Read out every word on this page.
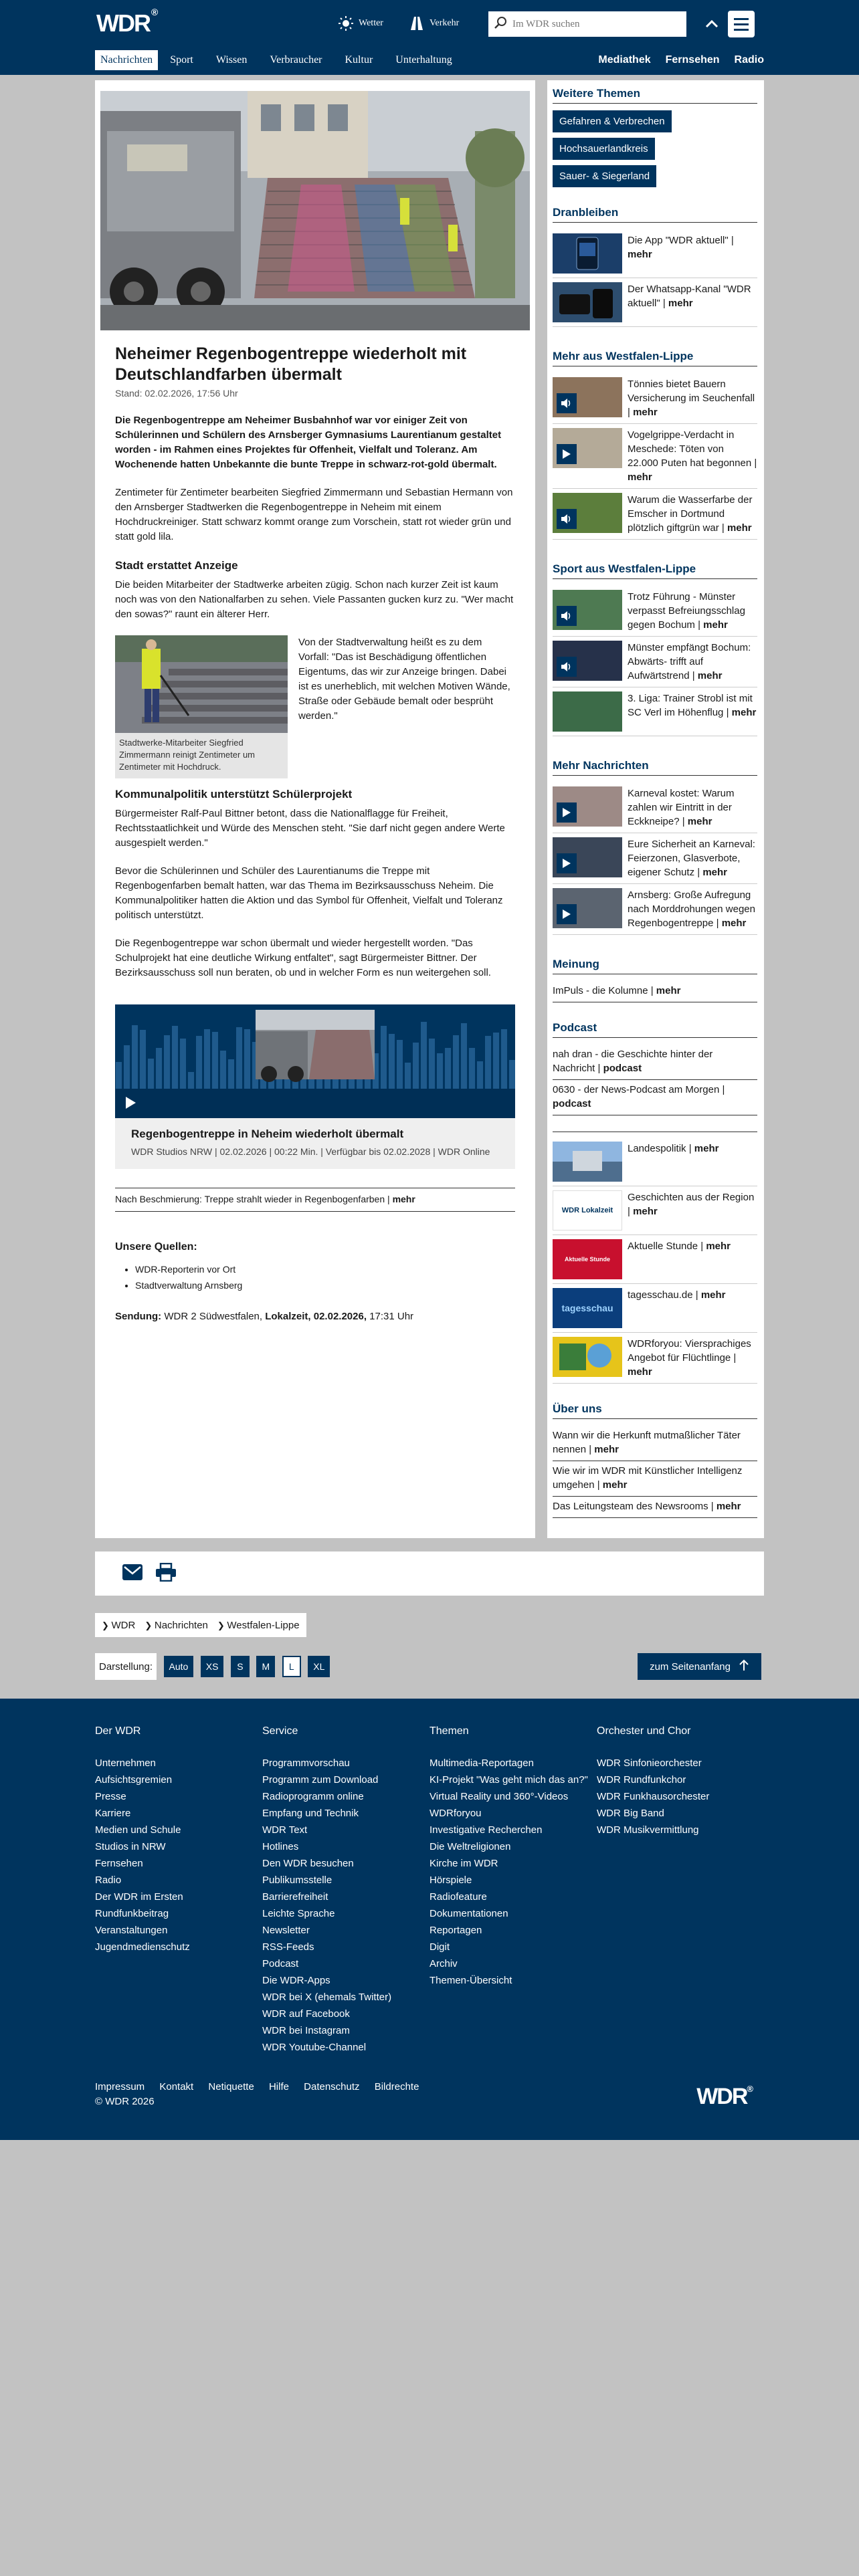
WDR ®
Wetter	Verkehr
Im WDR suchen
Nachrichten	Sport	Wissen	Verbraucher	Kultur	Unterhaltung	Mediathek Fernsehen Radio
Neheimer Regenbogentreppe wiederholt mit Deutschlandfarben übermalt
Stand: 02.02.2026, 17:56 Uhr

Die Regenbogentreppe am Neheimer Busbahnhof war vor einiger Zeit von Schülerinnen und Schülern des Arnsberger Gymnasiums Laurentianum gestaltet worden - im Rahmen eines Projektes für Offenheit, Vielfalt und Toleranz. Am Wochenende hatten Unbekannte die bunte Treppe in schwarz-rot-gold übermalt.

Zentimeter für Zentimeter bearbeiten Siegfried Zimmermann und Sebastian Hermann von den Arnsberger Stadtwerken die Regenbogentreppe in Neheim mit einem Hochdruckreiniger. Statt schwarz kommt orange zum Vorschein, statt rot wieder grün und statt gold lila.

Stadt erstattet Anzeige

Die beiden Mitarbeiter der Stadtwerke arbeiten zügig. Schon nach kurzer Zeit ist kaum noch was von den Nationalfarben zu sehen. Viele Passanten gucken kurz zu. "Wer macht den sowas?" raunt ein älterer Herr.

Stadtwerke-Mitarbeiter Siegfried Zimmermann reinigt Zentimeter um Zentimeter mit Hochdruck.

Von der Stadtverwaltung heißt es zu dem Vorfall: "Das ist Beschädigung öffentlichen Eigentums, das wir zur Anzeige bringen. Dabei ist es unerheblich, mit welchen Motiven Wände, Straße oder Gebäude bemalt oder besprüht werden."

Kommunalpolitik unterstützt Schülerprojekt

Bürgermeister Ralf-Paul Bittner betont, dass die Nationalflagge für Freiheit, Rechtsstaatlichkeit und Würde des Menschen steht. "Sie darf nicht gegen andere Werte ausgespielt werden."

Bevor die Schülerinnen und Schüler des Laurentianums die Treppe mit Regenbogenfarben bemalt hatten, war das Thema im Bezirksausschuss Neheim. Die Kommunalpolitiker hatten die Aktion und das Symbol für Offenheit, Vielfalt und Toleranz politisch unterstützt.

Die Regenbogentreppe war schon übermalt und wieder hergestellt worden. "Das Schulprojekt hat eine deutliche Wirkung entfaltet", sagt Bürgermeister Bittner. Der Bezirksausschuss soll nun beraten, ob und in welcher Form es nun weitergehen soll.

Regenbogentreppe in Neheim wiederholt übermalt
WDR Studios NRW | 02.02.2026 | 00:22 Min. | Verfügbar bis 02.02.2028 | WDR Online
Nach Beschmierung: Treppe strahlt wieder in Regenbogenfarben | mehr
Unsere Quellen:
• WDR-Reporterin vor Ort
• Stadtverwaltung Arnsberg
Sendung: WDR 2 Südwestfalen, Lokalzeit, 02.02.2026, 17:31 Uhr
Weitere Themen
Gefahren & Verbrechen
Hochsauerlandkreis
Sauer- & Siegerland
Dranbleiben
Die App "WDR aktuell" | mehr
Der Whatsapp-Kanal "WDR aktuell" | mehr
Mehr aus Westfalen-Lippe
Tönnies bietet Bauern Versicherung im Seuchenfall | mehr
Vogelgrippe-Verdacht in Meschede: Töten von 22.000 Puten hat begonnen | mehr
Warum die Wasserfarbe der Emscher in Dortmund plötzlich giftgrün war | mehr
Sport aus Westfalen-Lippe
Trotz Führung - Münster verpasst Befreiungsschlag gegen Bochum | mehr
Münster empfängt Bochum: Abwärts- trifft auf Aufwärtstrend | mehr
3. Liga: Trainer Strobl ist mit SC Verl im Höhenflug | mehr
Mehr Nachrichten
Karneval kostet: Warum zahlen wir Eintritt in der Eckkneipe? | mehr
Eure Sicherheit an Karneval: Feierzonen, Glasverbote, eigener Schutz | mehr
Arnsberg: Große Aufregung nach Morddrohungen wegen Regenbogentreppe | mehr
Meinung
ImPuls - die Kolumne | mehr
Podcast
nah dran - die Geschichte hinter der Nachricht | podcast
0630 - der News-Podcast am Morgen | podcast
Landespolitik | mehr
WDR Lokalzeit
Geschichten aus der Region | mehr
Aktuelle Stunde
Aktuelle Stunde | mehr
tagesschau
tagesschau.de | mehr
WDRforyou: Viersprachiges Angebot für Flüchtlinge | mehr
Über uns
Wann wir die Herkunft mutmaßlicher Täter nennen | mehr
Wie wir im WDR mit Künstlicher Intelligenz umgehen | mehr
Das Leitungsteam des Newsrooms | mehr
❯ WDR ❯ Nachrichten ❯ Westfalen-Lippe
Darstellung: Auto XS S M L XL	zum Seitenanfang
Der WDR
Unternehmen
Aufsichtsgremien
Presse
Karriere
Medien und Schule
Studios in NRW
Fernsehen
Radio
Der WDR im Ersten
Rundfunkbeitrag
Veranstaltungen
Jugendmedienschutz
Service
Programmvorschau
Programm zum Download
Radioprogramm online
Empfang und Technik
WDR Text
Hotlines
Den WDR besuchen
Publikumsstelle
Barrierefreiheit
Leichte Sprache
Newsletter
RSS-Feeds
Podcast
Die WDR-Apps
WDR bei X (ehemals Twitter)
WDR auf Facebook
WDR bei Instagram
WDR Youtube-Channel
Themen
Multimedia-Reportagen
KI-Projekt "Was geht mich das an?"
Virtual Reality und 360°-Videos
WDRforyou
Investigative Recherchen
Die Weltreligionen
Kirche im WDR
Hörspiele
Radiofeature
Dokumentationen
Reportagen
Digit
Archiv
Themen-Übersicht
Orchester und Chor
WDR Sinfonieorchester
WDR Rundfunkchor
WDR Funkhausorchester
WDR Big Band
WDR Musikvermittlung
Impressum Kontakt Netiquette Hilfe Datenschutz Bildrechte
© WDR 2026	WDR®
